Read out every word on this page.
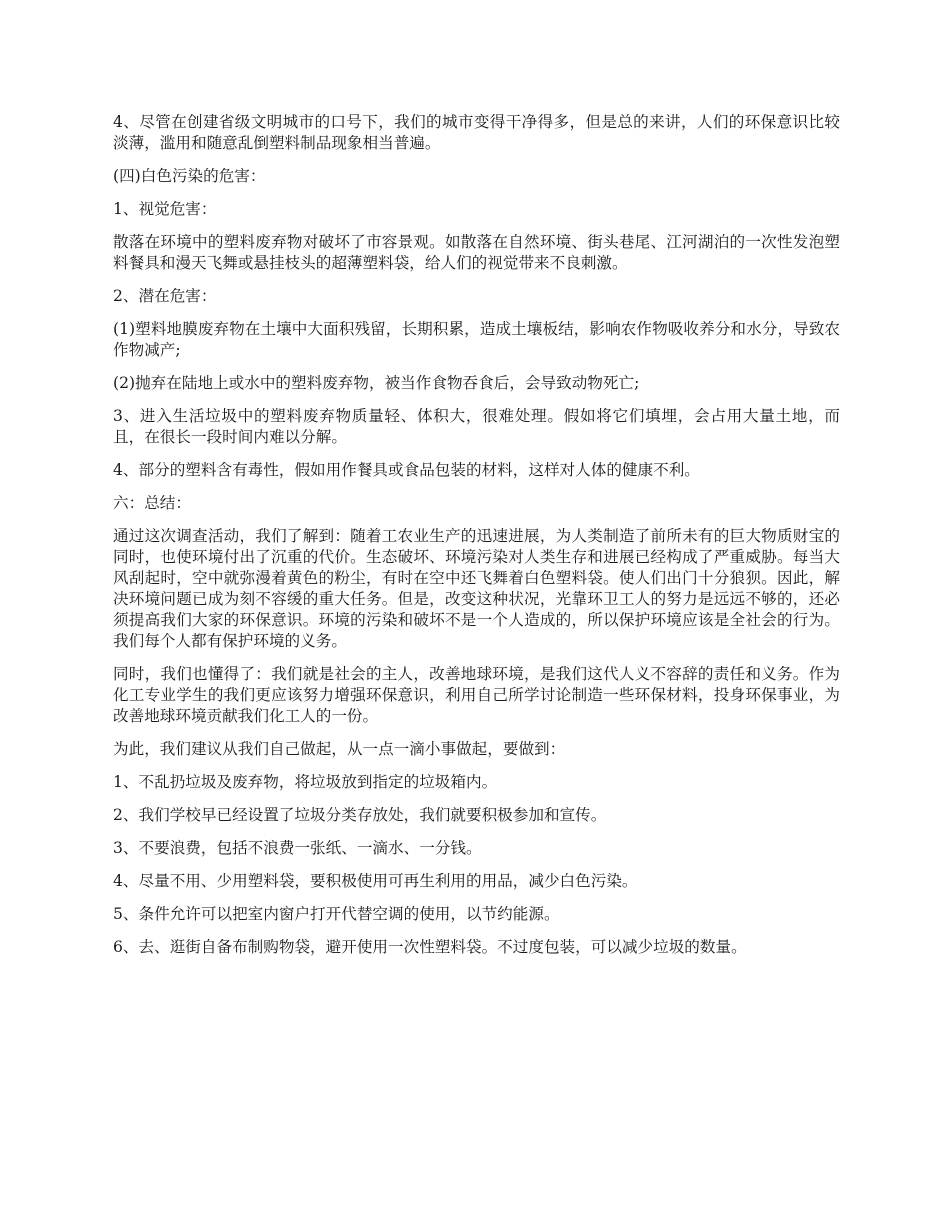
4、尽管在创建省级文明城市的口号下，我们的城市变得干净得多，但是总的来讲，人们的环保意识比较淡薄，滥用和随意乱倒塑料制品现象相当普遍。

(四)白色污染的危害：

1、视觉危害：

散落在环境中的塑料废弃物对破坏了市容景观。如散落在自然环境、街头巷尾、江河湖泊的一次性发泡塑料餐具和漫天飞舞或悬挂枝头的超薄塑料袋，给人们的视觉带来不良刺激。

2、潜在危害：

(1)塑料地膜废弃物在土壤中大面积残留，长期积累，造成土壤板结，影响农作物吸收养分和水分，导致农作物减产;

(2)抛弃在陆地上或水中的塑料废弃物，被当作食物吞食后，会导致动物死亡;

3、进入生活垃圾中的塑料废弃物质量轻、体积大，很难处理。假如将它们填埋，会占用大量土地，而且，在很长一段时间内难以分解。

4、部分的塑料含有毒性，假如用作餐具或食品包装的材料，这样对人体的健康不利。

六：总结：

通过这次调查活动，我们了解到：随着工农业生产的迅速进展，为人类制造了前所未有的巨大物质财宝的同时，也使环境付出了沉重的代价。生态破坏、环境污染对人类生存和进展已经构成了严重威胁。每当大风刮起时，空中就弥漫着黄色的粉尘，有时在空中还飞舞着白色塑料袋。使人们出门十分狼狈。因此，解决环境问题已成为刻不容缓的重大任务。但是，改变这种状况，光靠环卫工人的努力是远远不够的，还必须提高我们大家的环保意识。环境的污染和破坏不是一个人造成的，所以保护环境应该是全社会的行为。我们每个人都有保护环境的义务。

同时，我们也懂得了：我们就是社会的主人，改善地球环境，是我们这代人义不容辞的责任和义务。作为化工专业学生的我们更应该努力增强环保意识，利用自己所学讨论制造一些环保材料，投身环保事业，为改善地球环境贡献我们化工人的一份。

为此，我们建议从我们自己做起，从一点一滴小事做起，要做到：

1、不乱扔垃圾及废弃物，将垃圾放到指定的垃圾箱内。

2、我们学校早已经设置了垃圾分类存放处，我们就要积极参加和宣传。

3、不要浪费，包括不浪费一张纸、一滴水、一分钱。

4、尽量不用、少用塑料袋，要积极使用可再生利用的用品，减少白色污染。

5、条件允许可以把室内窗户打开代替空调的使用，以节约能源。

6、去、逛街自备布制购物袋，避开使用一次性塑料袋。不过度包装，可以减少垃圾的数量。
